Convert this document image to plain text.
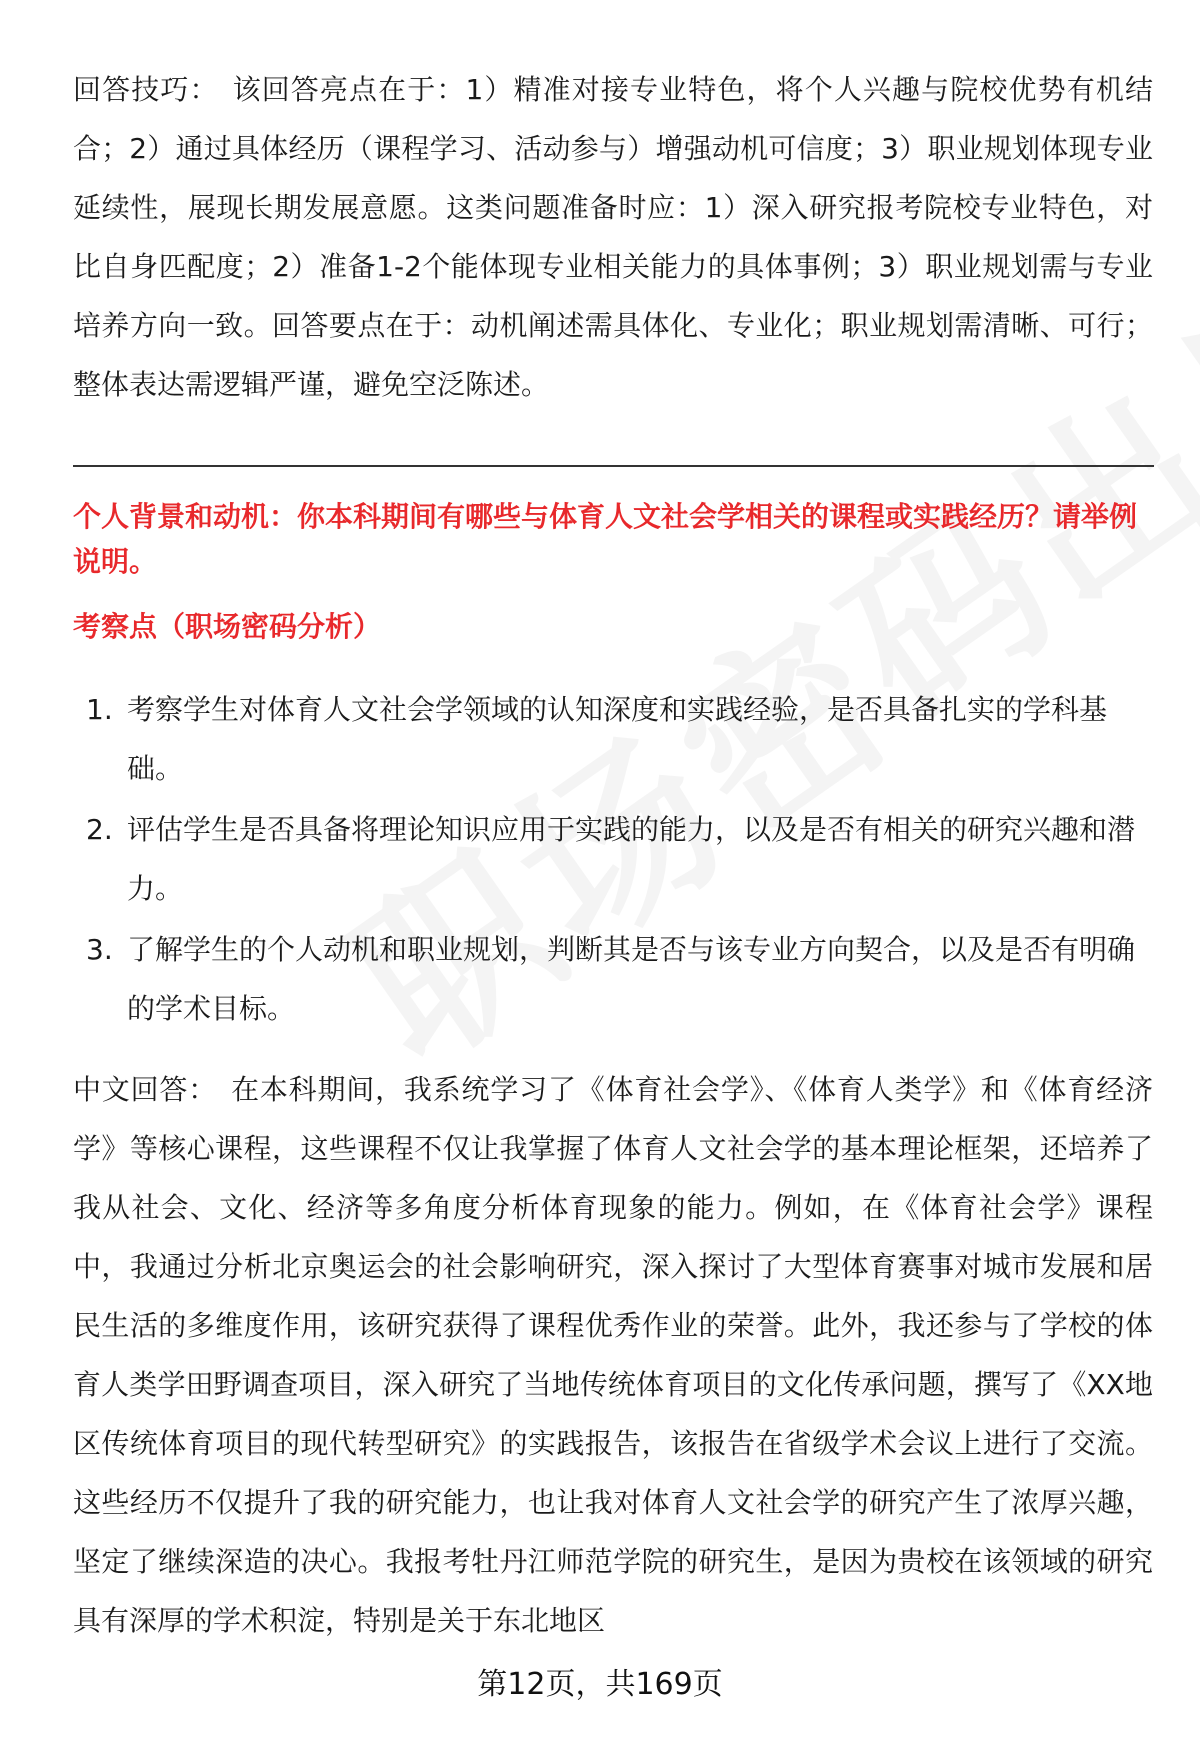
回答技巧： 该回答亮点在于：1）精准对接专业特色，将个人兴趣与院校优势有机结合；2）通过具体经历（课程学习、活动参与）增强动机可信度；3）职业规划体现专业延续性，展现长期发展意愿。这类问题准备时应：1）深入研究报考院校专业特色，对比自身匹配度；2）准备1-2个能体现专业相关能力的具体事例；3）职业规划需与专业培养方向一致。回答要点在于：动机阐述需具体化、专业化；职业规划需清晰、可行；整体表达需逻辑严谨，避免空泛陈述。

个人背景和动机：你本科期间有哪些与体育人文社会学相关的课程或实践经历？请举例说明。

考察点（职场密码分析）

1. 考察学生对体育人文社会学领域的认知深度和实践经验，是否具备扎实的学科基础。
2. 评估学生是否具备将理论知识应用于实践的能力，以及是否有相关的研究兴趣和潜力。
3. 了解学生的个人动机和职业规划，判断其是否与该专业方向契合，以及是否有明确的学术目标。

中文回答： 在本科期间，我系统学习了《体育社会学》、《体育人类学》和《体育经济学》等核心课程，这些课程不仅让我掌握了体育人文社会学的基本理论框架，还培养了我从社会、文化、经济等多角度分析体育现象的能力。例如，在《体育社会学》课程中，我通过分析北京奥运会的社会影响研究，深入探讨了大型体育赛事对城市发展和居民生活的多维度作用，该研究获得了课程优秀作业的荣誉。此外，我还参与了学校的体育人类学田野调查项目，深入研究了当地传统体育项目的文化传承问题，撰写了《XX地区传统体育项目的现代转型研究》的实践报告，该报告在省级学术会议上进行了交流。这些经历不仅提升了我的研究能力，也让我对体育人文社会学的研究产生了浓厚兴趣，坚定了继续深造的决心。我报考牡丹江师范学院的研究生，是因为贵校在该领域的研究具有深厚的学术积淀，特别是关于东北地区

第12页，共169页
